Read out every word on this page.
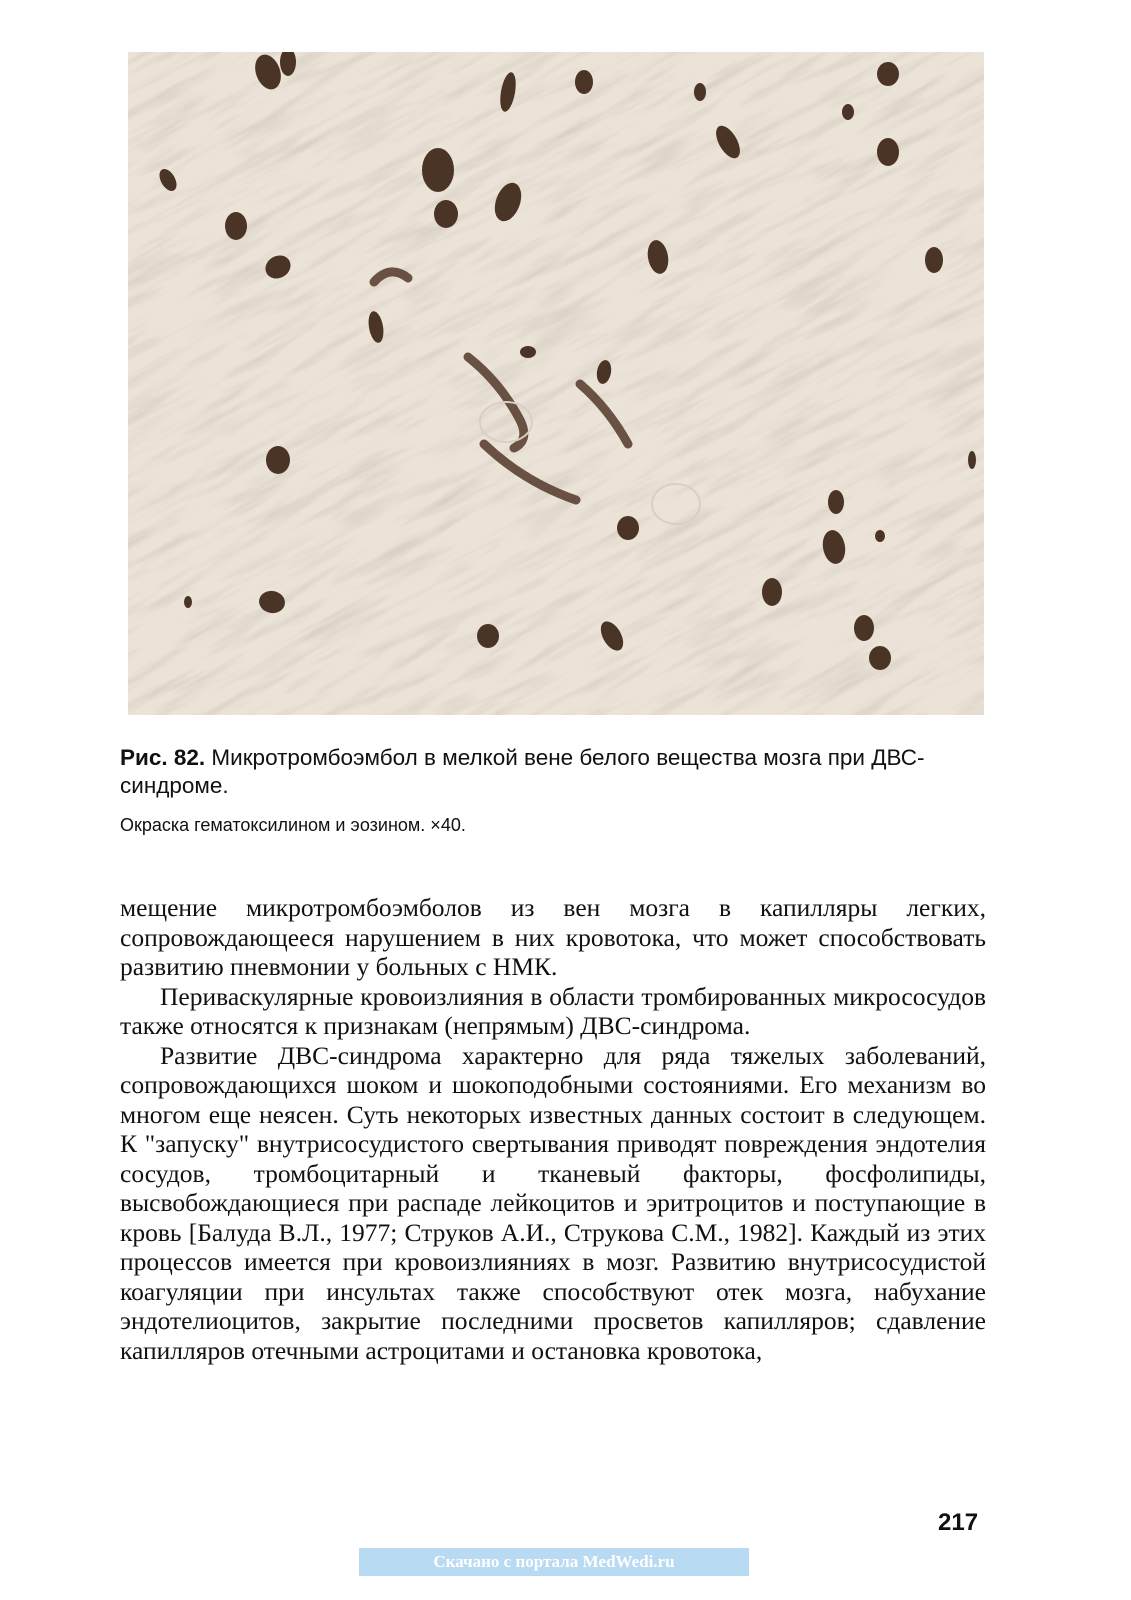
Рис. 82. Микротромбоэмбол в мелкой вене белого вещества мозга при ДВС-синдроме.

Окраска гематоксилином и эозином. ×40.

мещение микротромбоэмболов из вен мозга в капилляры легких, сопровождающееся нарушением в них кровотока, что может способствовать развитию пневмонии у больных с НМК.

Периваскулярные кровоизлияния в области тромбированных микрососудов также относятся к признакам (непрямым) ДВС-синдрома.

Развитие ДВС-синдрома характерно для ряда тяжелых заболеваний, сопровождающихся шоком и шокоподобными состояниями. Его механизм во многом еще неясен. Суть некоторых известных данных состоит в следующем. К "запуску" внутрисосудистого свертывания приводят повреждения эндотелия сосудов, тромбоцитарный и тканевый факторы, фосфолипиды, высвобождающиеся при распаде лейкоцитов и эритроцитов и поступающие в кровь [Балуда В.Л., 1977; Струков А.И., Струкова С.М., 1982]. Каждый из этих процессов имеется при кровоизлияниях в мозг. Развитию внутрисосудистой коагуляции при инсультах также способствуют отек мозга, набухание эндотелиоцитов, закрытие последними просветов капилляров; сдавление капилляров отечными астроцитами и остановка кровотока,

217
Скачано с портала MedWedi.ru
